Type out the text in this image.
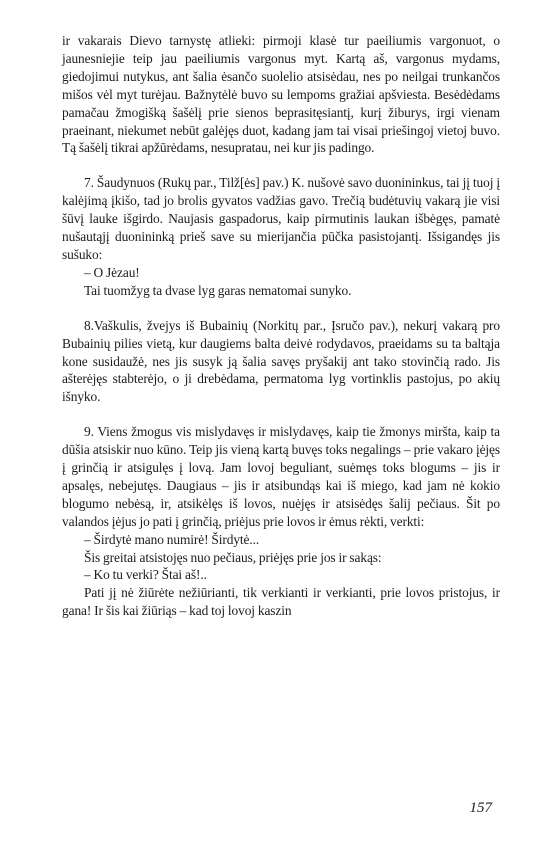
ir vakarais Dievo tarnystę atlieki: pirmoji klasė tur paeiliumis vargonuot, o jaunesniejie teip jau paeiliumis vargonus myt. Kartą aš, vargonus mydams, giedojimui nutykus, ant šalia ėsančo suolelio atsisėdau, nes po neilgai trunkančos mišos vėl myt turėjau. Bažnytėlė buvo su lempoms gražiai apšviesta. Besėdėdams pamačau žmogišką šašėlį prie sienos beprasitęsiantį, kurį žiburys, irgi vienam praeinant, niekumet nebūt galėjęs duot, kadang jam tai visai priešingoj vietoj buvo. Tą šašėlį tikrai apžūrėdams, nesupratau, nei kur jis padingo.

7. Šaudynuos (Rukų par., Tilž[ės] pav.) K. nušovė savo duonininkus, tai jį tuoj į kalėjimą įkišo, tad jo brolis gyvatos vadžias gavo. Trečią budėtuvių vakarą jie visi šūvį lauke išgirdo. Naujasis gaspadorus, kaip pirmutinis laukan išbėgęs, pamatė nušautąjį duonininką prieš save su mierijančia pūčka pasistojantį. Išsigandęs jis sušuko:

– O Jėzau!

Tai tuomžyg ta dvase lyg garas nematomai sunyko.

8.Vaškulis, žvejys iš Bubainių (Norkitų par., Įsručo pav.), nekurį vakarą pro Bubainių pilies vietą, kur daugiems balta deivė rodydavos, praeidams su ta baltąja kone susidaužė, nes jis susyk ją šalia savęs pryšakij ant tako stovinčią rado. Jis ašterėjęs stabterėjo, o ji drebėdama, permatoma lyg vortinklis pastojus, po akių išnyko.

9. Viens žmogus vis mislydavęs ir mislydavęs, kaip tie žmonys miršta, kaip ta dūšia atsiskir nuo kūno. Teip jis vieną kartą buvęs toks negalings – prie vakaro įėjęs į grinčią ir atsigulęs į lovą. Jam lovoj beguliant, suėmęs toks blogums – jis ir apsalęs, nebejutęs. Daugiaus – jis ir atsibundąs kai iš miego, kad jam nė kokio blogumo nebėsą, ir, atsikėlęs iš lovos, nuėjęs ir atsisėdęs šalij pečiaus. Šit po valandos įėjus jo pati į grinčią, priėjus prie lovos ir ėmus rėkti, verkti:

– Širdytė mano numirė! Širdytė...

Šis greitai atsistojęs nuo pečiaus, priėjęs prie jos ir sakąs:

– Ko tu verki? Štai aš!..

Pati jį nė žiūrėte nežiūrianti, tik verkianti ir verkianti, prie lovos pristojus, ir gana! Ir šis kai žiūriąs – kad toj lovoj kaszin

157
